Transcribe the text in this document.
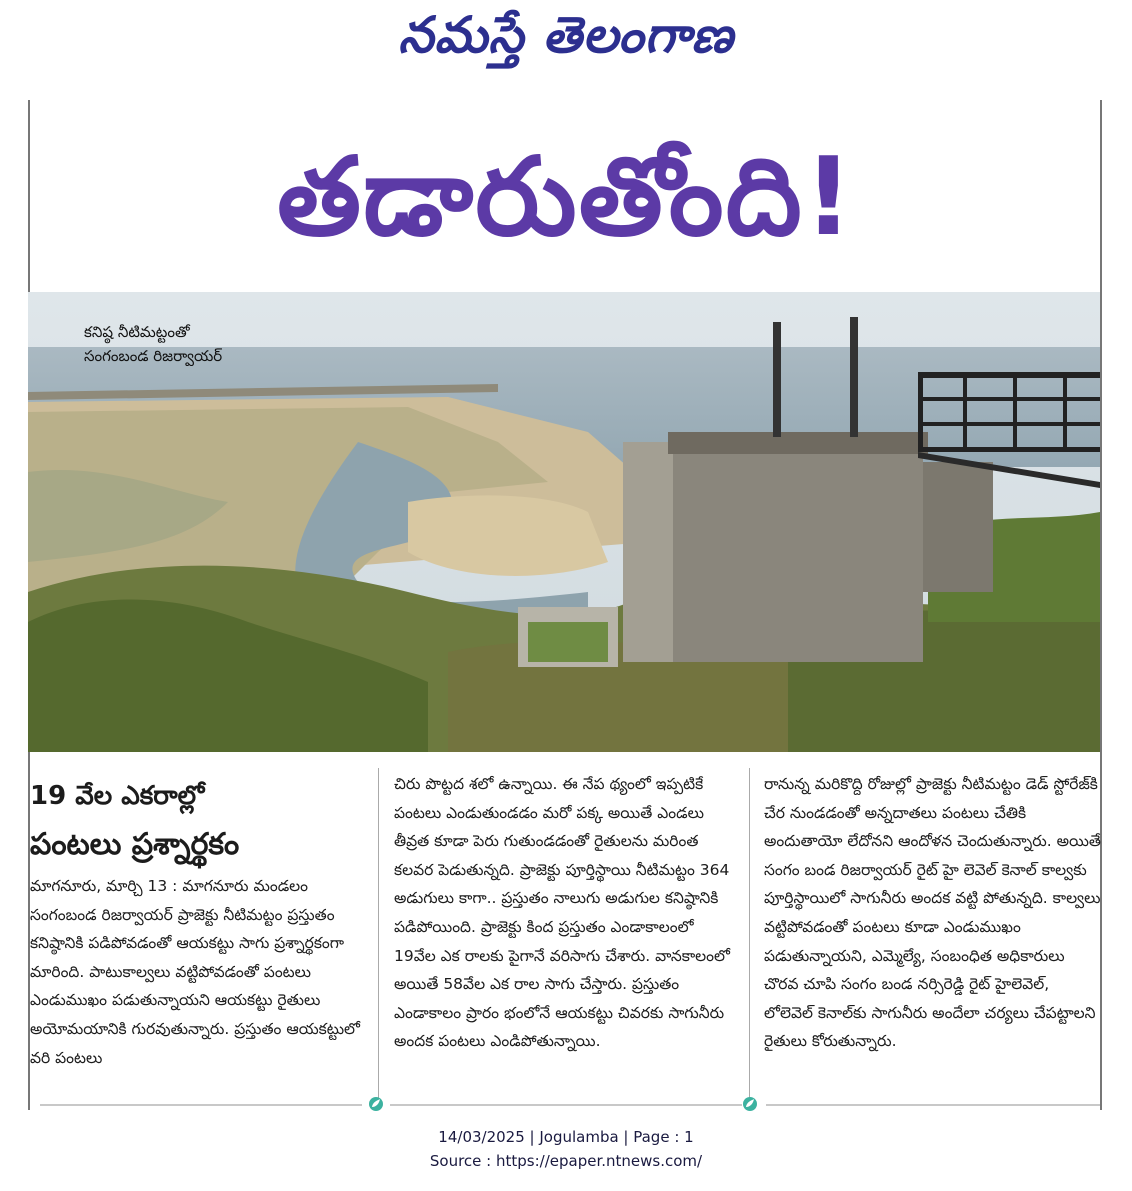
నమస్తే తెలంగాణ
తడారుతోంది!
కనిష్ఠ నీటిమట్టంతో
సంగంబండ రిజర్వాయర్
19 వేల ఎకరాల్లో
పంటలు ప్రశ్నార్థకం

మాగనూరు, మార్చి 13 : మాగనూరు మండలం సంగంబండ రిజర్వాయర్ ప్రాజెక్టు నీటిమట్టం ప్రస్తుతం కనిష్ఠానికి పడిపోవడంతో ఆయకట్టు సాగు ప్రశ్నార్థకంగా మారింది. పాటుకాల్వలు వట్టిపోవడంతో పంటలు ఎండుముఖం పడుతున్నాయని ఆయకట్టు రైతులు అయోమయానికి గురవుతున్నారు. ప్రస్తుతం ఆయకట్టులో వరి పంటలు

చిరు పొట్టద శలో ఉన్నాయి. ఈ నేప థ్యంలో ఇప్పటికే పంటలు ఎండుతుండడం మరో పక్క అయితే ఎండలు తీవ్రత కూడా పెరు గుతుండడంతో రైతులను మరింత కలవర పెడుతున్నది. ప్రాజెక్టు పూర్తిస్థాయి నీటిమట్టం 364 అడుగులు కాగా.. ప్రస్తుతం నాలుగు అడుగుల కనిష్ఠానికి పడిపోయింది. ప్రాజెక్టు కింద ప్రస్తుతం ఎండాకాలంలో 19వేల ఎక రాలకు పైగానే వరిసాగు చేశారు. వానకాలంలో అయితే 58వేల ఎక రాల సాగు చేస్తారు. ప్రస్తుతం ఎండాకాలం ప్రారం భంలోనే ఆయకట్టు చివరకు సాగునీరు అందక పంటలు ఎండిపోతున్నాయి.

రానున్న మరికొద్ది రోజుల్లో ప్రాజెక్టు నీటిమట్టం డెడ్ స్టోరేజ్‌కి చేర నుండడంతో అన్నదాతలు పంటలు చేతికి అందుతాయో లేదోనని ఆందోళన చెందుతున్నారు. అయితే సంగం బండ రిజర్వాయర్ రైట్ హై లెవెల్ కెనాల్ కాల్వకు పూర్తిస్థాయిలో సాగునీరు అందక వట్టి పోతున్నది. కాల్వలు వట్టిపోవడంతో పంటలు కూడా ఎండుముఖం పడుతున్నాయని, ఎమ్మెల్యే, సంబంధిత అధికారులు చొరవ చూపి సంగం బండ నర్సిరెడ్డి రైట్ హైలెవెల్, లోలెవెల్ కెనాల్‌కు సాగునీరు అందేలా చర్యలు చేపట్టాలని రైతులు కోరుతున్నారు.

14/03/2025 | Jogulamba | Page : 1
Source : https://epaper.ntnews.com/
